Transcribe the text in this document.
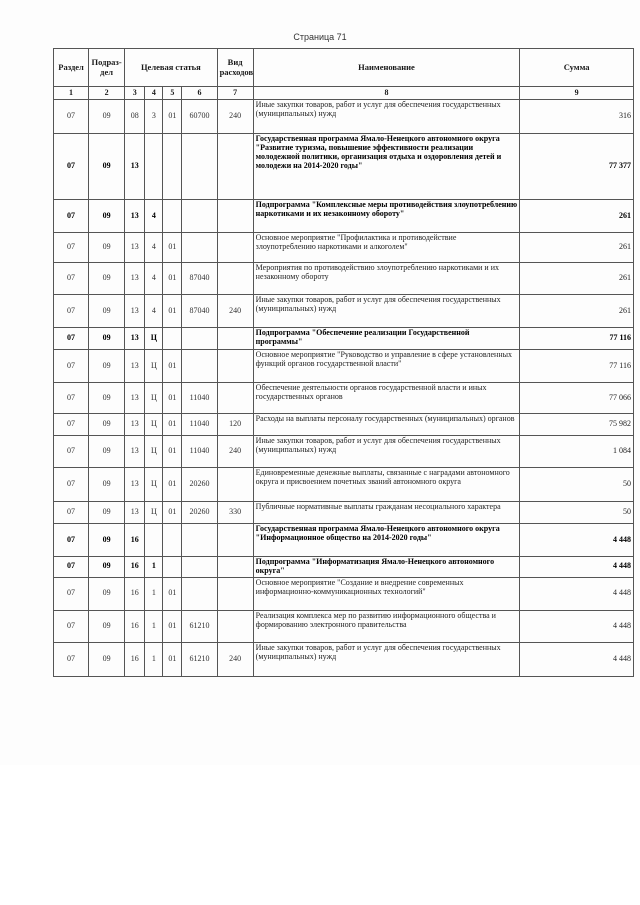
Страница 71
Раздел	Подраз-дел	Целевая статья				Вид расходов	Наименование	Сумма
1	2	3	4	5	6	7	8	9
07	09	08	3	01	60700	240	Иные закупки товаров, работ и услуг для обеспечения государственных (муниципальных) нужд	316
07	09	13					Государственная программа Ямало-Ненецкого автономного округа "Развитие туризма, повышение эффективности реализации молодежной политики, организация отдыха и оздоровления детей и молодежи на 2014-2020 годы"	77 377
07	09	13	4				Подпрограмма "Комплексные меры противодействия злоупотреблению наркотиками и их незаконному обороту"	261
07	09	13	4	01			Основное мероприятие "Профилактика и противодействие злоупотреблению наркотиками и алкоголем"	261
07	09	13	4	01	87040		Мероприятия по противодействию злоупотреблению наркотиками и их незаконному обороту	261
07	09	13	4	01	87040	240	Иные закупки товаров, работ и услуг для обеспечения государственных (муниципальных) нужд	261
07	09	13	Ц				Подпрограмма "Обеспечение реализации Государственной программы"	77 116
07	09	13	Ц	01			Основное мероприятие "Руководство и управление в сфере установленных функций органов государственной власти"	77 116
07	09	13	Ц	01	11040		Обеспечение деятельности органов государственной власти и иных государственных органов	77 066
07	09	13	Ц	01	11040	120	Расходы на выплаты персоналу государственных (муниципальных) органов	75 982
07	09	13	Ц	01	11040	240	Иные закупки товаров, работ и услуг для обеспечения государственных (муниципальных) нужд	1 084
07	09	13	Ц	01	20260		Единовременные денежные выплаты, связанные с наградами автономного округа и присвоением почетных званий автономного округа	50
07	09	13	Ц	01	20260	330	Публичные нормативные выплаты гражданам несоциального характера	50
07	09	16					Государственная программа Ямало-Ненецкого автономного округа "Информационное общество на 2014-2020 годы"	4 448
07	09	16	1				Подпрограмма "Информатизация Ямало-Ненецкого автономного округа"	4 448
07	09	16	1	01			Основное мероприятие "Создание и внедрение современных информационно-коммуникационных технологий"	4 448
07	09	16	1	01	61210		Реализация комплекса мер по развитию информационного общества и формированию электронного правительства	4 448
07	09	16	1	01	61210	240	Иные закупки товаров, работ и услуг для обеспечения государственных (муниципальных) нужд	4 448
